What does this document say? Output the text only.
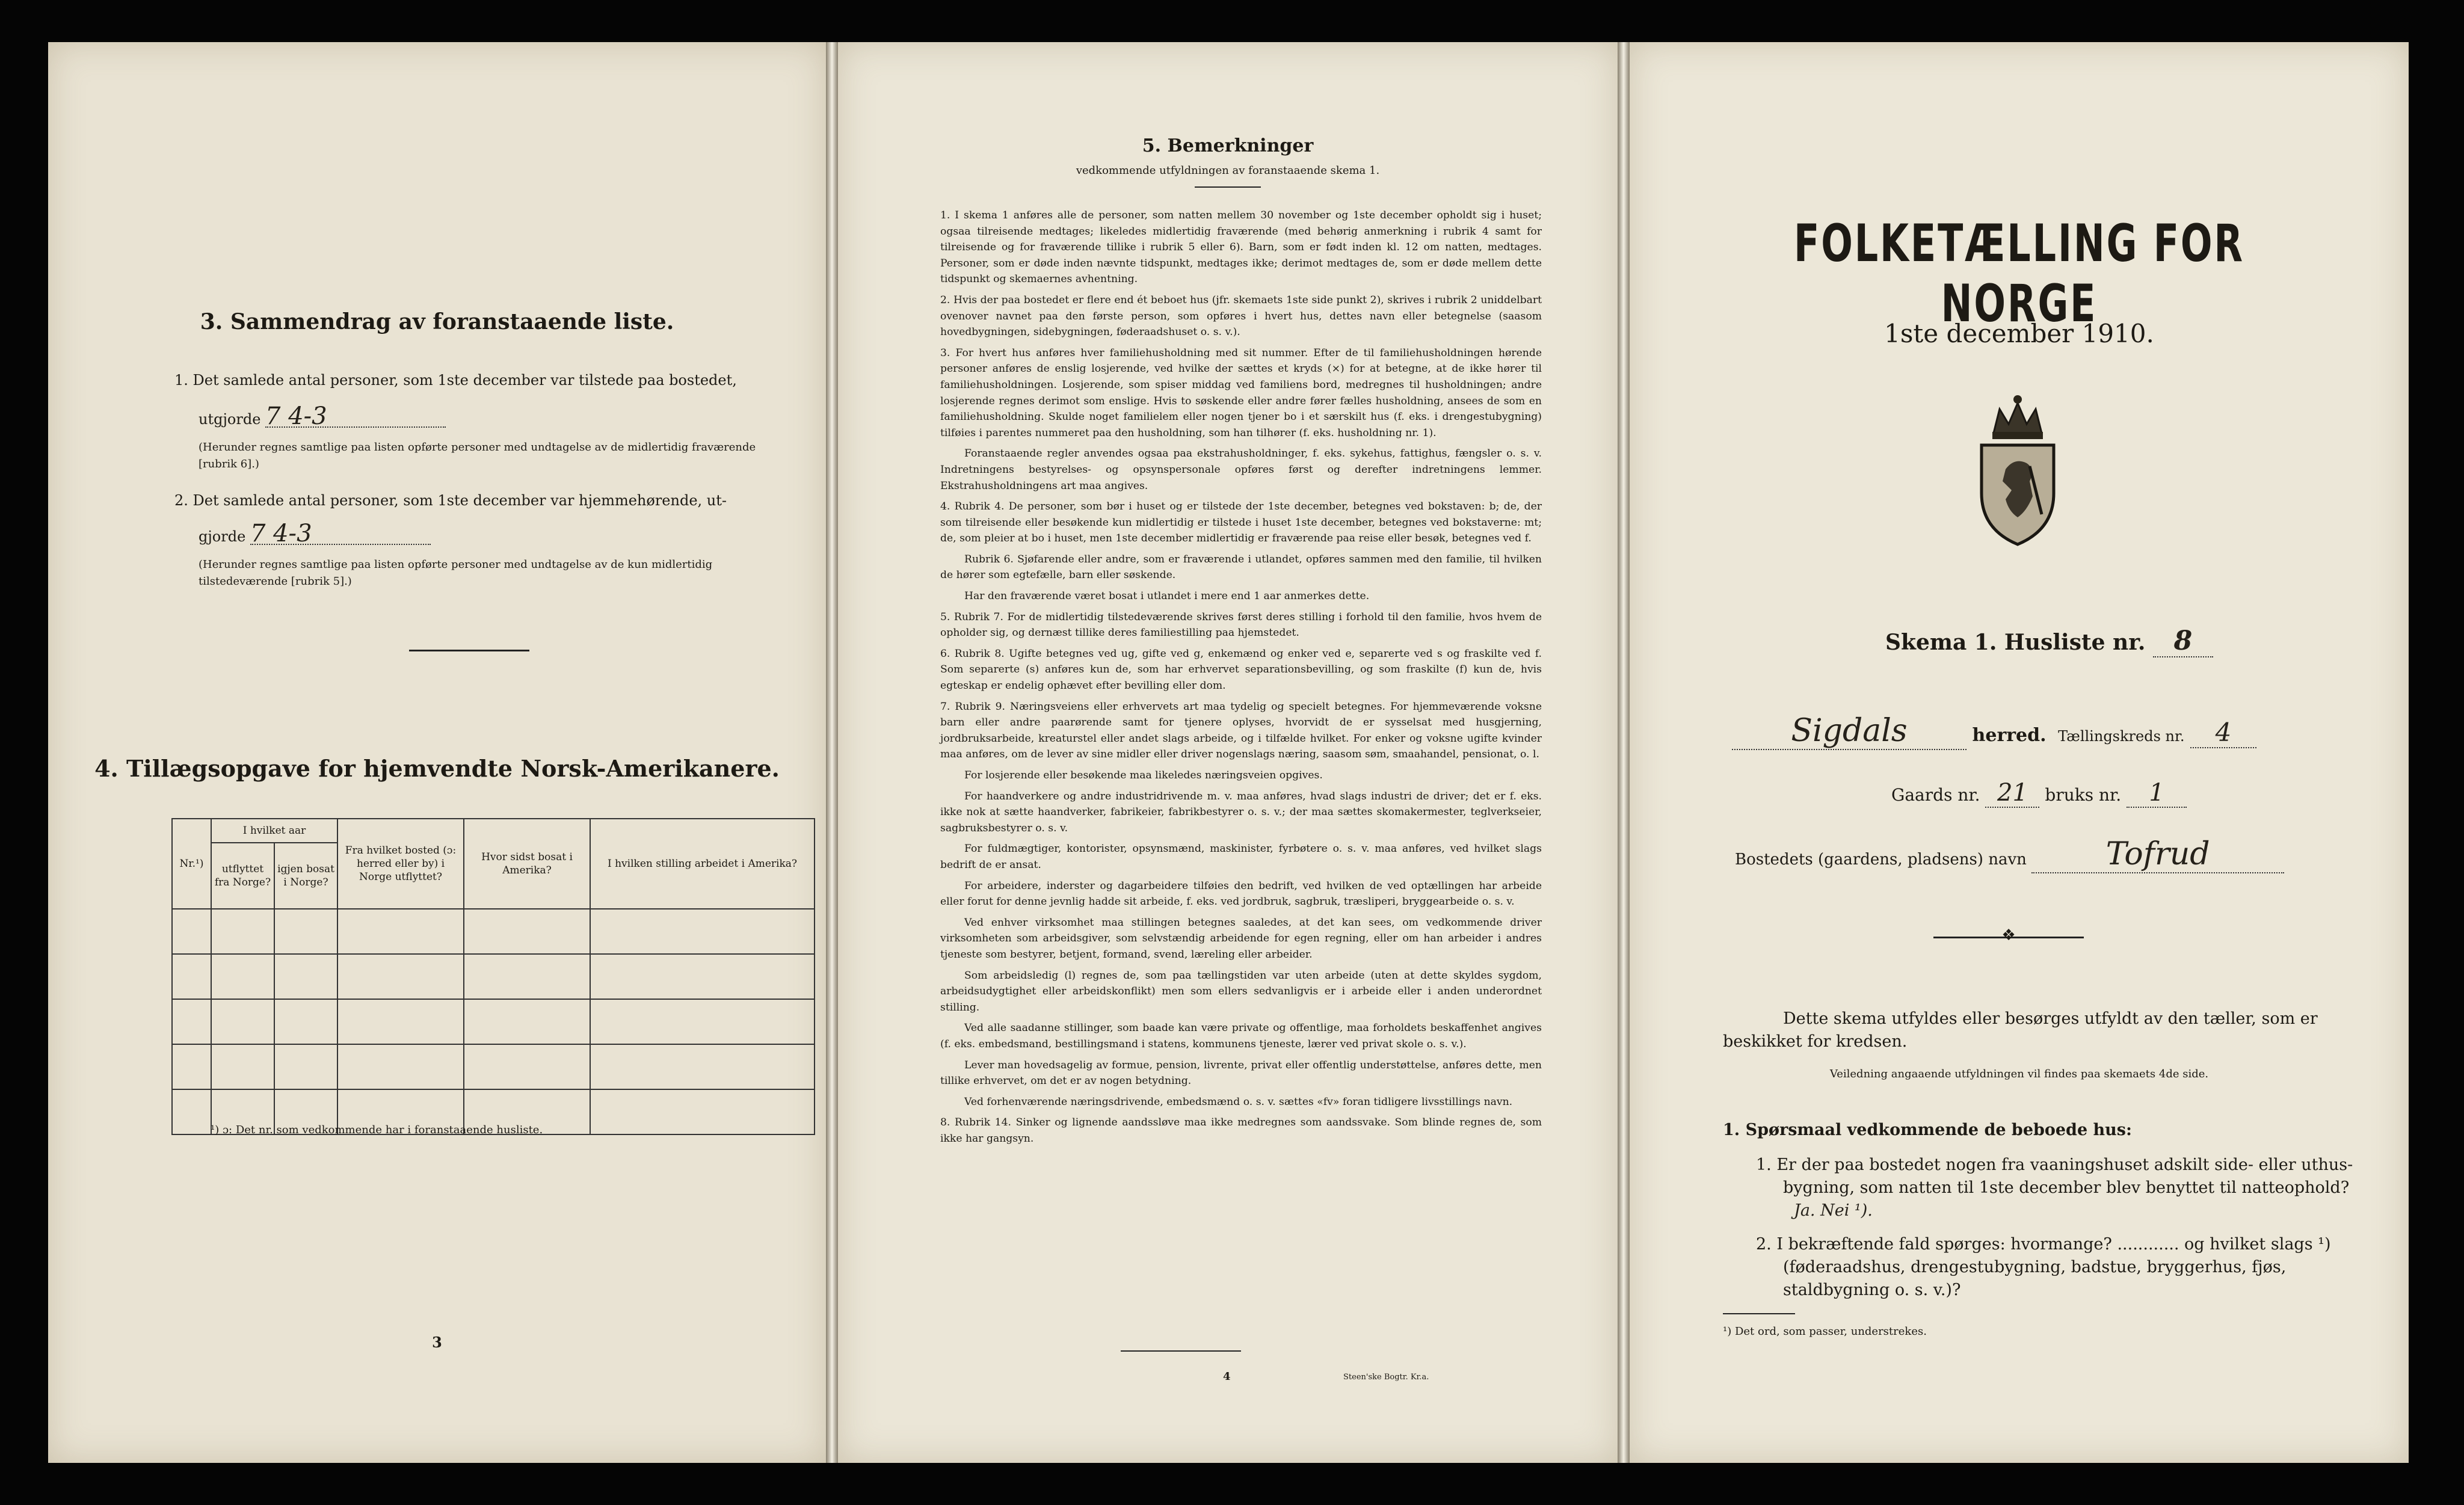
3. Sammendrag av foranstaaende liste.
1. Det samlede antal personer, som 1ste december var tilstede paa bostedet,
utgjorde 7 4-3
(Herunder regnes samtlige paa listen opførte personer med undtagelse av de midlertidig fraværende [rubrik 6].)
2. Det samlede antal personer, som 1ste december var hjemmehørende, ut-
gjorde 7 4-3
(Herunder regnes samtlige paa listen opførte personer med undtagelse av de kun midlertidig tilstedeværende [rubrik 5].)
4. Tillægsopgave for hjemvendte Norsk-Amerikanere.
Nr.¹)	I hvilket aar		Fra hvilket bosted (ɔ: herred eller by) i Norge utflyttet?	Hvor sidst bosat i Amerika?	I hvilken stilling arbeidet i Amerika?
	utflyttet fra Norge?	igjen bosat i Norge?			

¹) ɔ: Det nr. som vedkommende har i foranstaaende husliste.
3
5. Bemerkninger
vedkommende utfyldningen av foranstaaende skema 1.

1. I skema 1 anføres alle de personer, som natten mellem 30 november og 1ste december opholdt sig i huset; ogsaa tilreisende medtages; likeledes midlertidig fraværende (med behørig anmerkning i rubrik 4 samt for tilreisende og for fraværende tillike i rubrik 5 eller 6). Barn, som er født inden kl. 12 om natten, medtages. Personer, som er døde inden nævnte tidspunkt, medtages ikke; derimot medtages de, som er døde mellem dette tidspunkt og skemaernes avhentning.

2. Hvis der paa bostedet er flere end ét beboet hus (jfr. skemaets 1ste side punkt 2), skrives i rubrik 2 uniddelbart ovenover navnet paa den første person, som opføres i hvert hus, dettes navn eller betegnelse (saasom hovedbygningen, sidebygningen, føderaadshuset o. s. v.).

3. For hvert hus anføres hver familiehusholdning med sit nummer. Efter de til familiehusholdningen hørende personer anføres de enslig losjerende, ved hvilke der sættes et kryds (×) for at betegne, at de ikke hører til familiehusholdningen. Losjerende, som spiser middag ved familiens bord, medregnes til husholdningen; andre losjerende regnes derimot som enslige. Hvis to søskende eller andre fører fælles husholdning, ansees de som en familiehusholdning. Skulde noget familielem eller nogen tjener bo i et særskilt hus (f. eks. i drengestubygning) tilføies i parentes nummeret paa den husholdning, som han tilhører (f. eks. husholdning nr. 1).

Foranstaaende regler anvendes ogsaa paa ekstrahusholdninger, f. eks. sykehus, fattighus, fængsler o. s. v. Indretningens bestyrelses- og opsynspersonale opføres først og derefter indretningens lemmer. Ekstrahusholdningens art maa angives.

4. Rubrik 4. De personer, som bør i huset og er tilstede der 1ste december, betegnes ved bokstaven: b; de, der som tilreisende eller besøkende kun midlertidig er tilstede i huset 1ste december, betegnes ved bokstaverne: mt; de, som pleier at bo i huset, men 1ste december midlertidig er fraværende paa reise eller besøk, betegnes ved f.

Rubrik 6. Sjøfarende eller andre, som er fraværende i utlandet, opføres sammen med den familie, til hvilken de hører som egtefælle, barn eller søskende.

Har den fraværende været bosat i utlandet i mere end 1 aar anmerkes dette.

5. Rubrik 7. For de midlertidig tilstedeværende skrives først deres stilling i forhold til den familie, hvos hvem de opholder sig, og dernæst tillike deres familiestilling paa hjemstedet.

6. Rubrik 8. Ugifte betegnes ved ug, gifte ved g, enkemænd og enker ved e, separerte ved s og fraskilte ved f. Som separerte (s) anføres kun de, som har erhvervet separationsbevilling, og som fraskilte (f) kun de, hvis egteskap er endelig ophævet efter bevilling eller dom.

7. Rubrik 9. Næringsveiens eller erhvervets art maa tydelig og specielt betegnes. For hjemmeværende voksne barn eller andre paarørende samt for tjenere oplyses, hvorvidt de er sysselsat med husgjerning, jordbruksarbeide, kreaturstel eller andet slags arbeide, og i tilfælde hvilket. For enker og voksne ugifte kvinder maa anføres, om de lever av sine midler eller driver nogenslags næring, saasom søm, smaahandel, pensionat, o. l.

For losjerende eller besøkende maa likeledes næringsveien opgives.

For haandverkere og andre industridrivende m. v. maa anføres, hvad slags industri de driver; det er f. eks. ikke nok at sætte haandverker, fabrikeier, fabrikbestyrer o. s. v.; der maa sættes skomakermester, teglverkseier, sagbruksbestyrer o. s. v.

For fuldmægtiger, kontorister, opsynsmænd, maskinister, fyrbøtere o. s. v. maa anføres, ved hvilket slags bedrift de er ansat.

For arbeidere, inderster og dagarbeidere tilføies den bedrift, ved hvilken de ved optællingen har arbeide eller forut for denne jevnlig hadde sit arbeide, f. eks. ved jordbruk, sagbruk, træsliperi, bryggearbeide o. s. v.

Ved enhver virksomhet maa stillingen betegnes saaledes, at det kan sees, om vedkommende driver virksomheten som arbeidsgiver, som selvstændig arbeidende for egen regning, eller om han arbeider i andres tjeneste som bestyrer, betjent, formand, svend, læreling eller arbeider.

Som arbeidsledig (l) regnes de, som paa tællingstiden var uten arbeide (uten at dette skyldes sygdom, arbeidsudygtighet eller arbeidskonflikt) men som ellers sedvanligvis er i arbeide eller i anden underordnet stilling.

Ved alle saadanne stillinger, som baade kan være private og offentlige, maa forholdets beskaffenhet angives (f. eks. embedsmand, bestillingsmand i statens, kommunens tjeneste, lærer ved privat skole o. s. v.).

Lever man hovedsagelig av formue, pension, livrente, privat eller offentlig understøttelse, anføres dette, men tillike erhvervet, om det er av nogen betydning.

Ved forhenværende næringsdrivende, embedsmænd o. s. v. sættes «fv» foran tidligere livsstillings navn.

8. Rubrik 14. Sinker og lignende aandssløve maa ikke medregnes som aandssvake. Som blinde regnes de, som ikke har gangsyn.

4	Steen'ske Bogtr. Kr.a.
FOLKETÆLLING FOR NORGE
1ste december 1910.
Skema 1. Husliste nr. 8
Sigdals	herred. Tællingskreds nr. 4
Gaards nr. 21 bruks nr. 1
Bostedets (gaardens, pladsens) navn	Tofrud
❖
Dette skema utfyldes eller besørges utfyldt av den tæller, som er beskikket for kredsen.
Veiledning angaaende utfyldningen vil findes paa skemaets 4de side.
1. Spørsmaal vedkommende de beboede hus:
1. Er der paa bostedet nogen fra vaaningshuset adskilt side- eller uthus-bygning, som natten til 1ste december blev benyttet til natteophold? Ja. Nei ¹).
2. I bekræftende fald spørges: hvormange? ............ og hvilket slags ¹) (føderaadshus, drengestubygning, badstue, bryggerhus, fjøs, staldbygning o. s. v.)?
¹) Det ord, som passer, understrekes.
